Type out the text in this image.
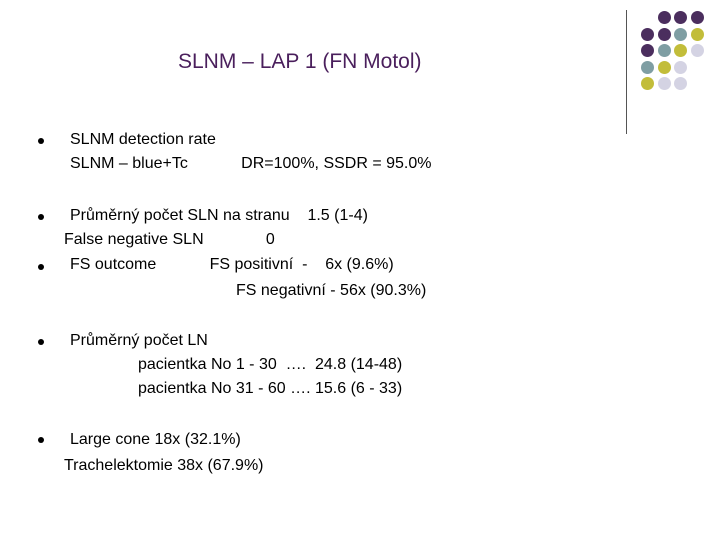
SLNM – LAP 1 (FN Motol)
SLNM detection rate
SLNM – blue+Tc            DR=100%, SSDR = 95.0%
Průměrný počet SLN na stranu    1.5 (1-4)
False negative SLN              0
FS outcome            FS positivní  -    6x (9.6%)
FS negativní - 56x (90.3%)
Průměrný počet LN
pacientka No 1 - 30  ….  24.8 (14-48)
pacientka No 31 - 60 …. 15.6 (6 - 33)
Large cone 18x (32.1%)
Trachelektomie 38x (67.9%)
